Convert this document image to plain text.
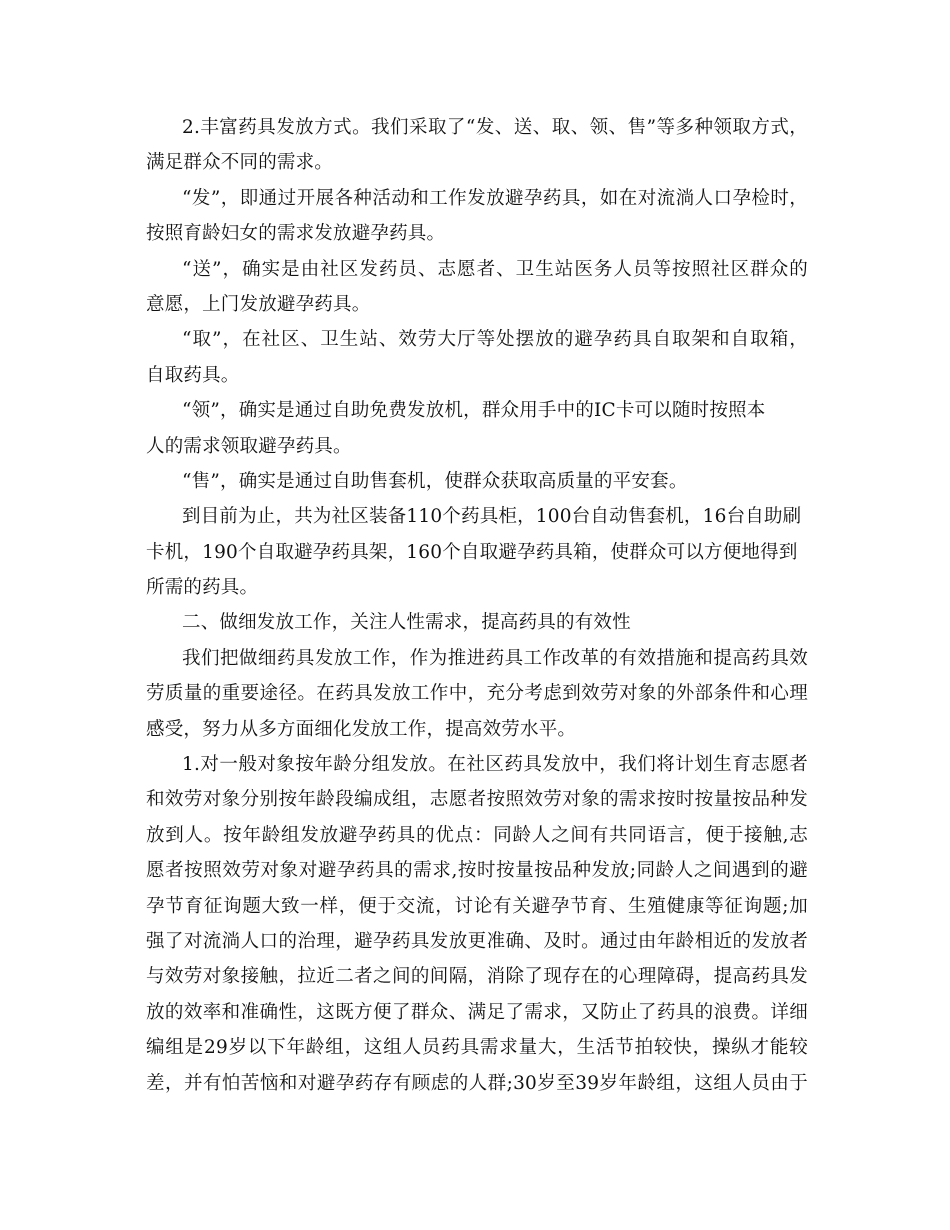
2.丰富药具发放方式。我们采取了“发、送、取、领、售”等多种领取方式，
满足群众不同的需求。
“发”，即通过开展各种活动和工作发放避孕药具，如在对流淌人口孕检时，
按照育龄妇女的需求发放避孕药具。
“送”，确实是由社区发药员、志愿者、卫生站医务人员等按照社区群众的
意愿，上门发放避孕药具。
“取”，在社区、卫生站、效劳大厅等处摆放的避孕药具自取架和自取箱，
自取药具。
“领”，确实是通过自助免费发放机，群众用手中的IC卡可以随时按照本
人的需求领取避孕药具。
“售”，确实是通过自助售套机，使群众获取高质量的平安套。
到目前为止，共为社区装备110个药具柜，100台自动售套机，16台自助刷
卡机，190个自取避孕药具架，160个自取避孕药具箱，使群众可以方便地得到
所需的药具。
二、做细发放工作，关注人性需求，提高药具的有效性
我们把做细药具发放工作，作为推进药具工作改革的有效措施和提高药具效
劳质量的重要途径。在药具发放工作中，充分考虑到效劳对象的外部条件和心理
感受，努力从多方面细化发放工作，提高效劳水平。
1.对一般对象按年龄分组发放。在社区药具发放中，我们将计划生育志愿者
和效劳对象分别按年龄段编成组，志愿者按照效劳对象的需求按时按量按品种发
放到人。按年龄组发放避孕药具的优点：同龄人之间有共同语言，便于接触,志
愿者按照效劳对象对避孕药具的需求,按时按量按品种发放;同龄人之间遇到的避
孕节育征询题大致一样，便于交流，讨论有关避孕节育、生殖健康等征询题;加
强了对流淌人口的治理，避孕药具发放更准确、及时。通过由年龄相近的发放者
与效劳对象接触，拉近二者之间的间隔，消除了现存在的心理障碍，提高药具发
放的效率和准确性，这既方便了群众、满足了需求，又防止了药具的浪费。详细
编组是29岁以下年龄组，这组人员药具需求量大，生活节拍较快，操纵才能较
差，并有怕苦恼和对避孕药存有顾虑的人群;30岁至39岁年龄组，这组人员由于
